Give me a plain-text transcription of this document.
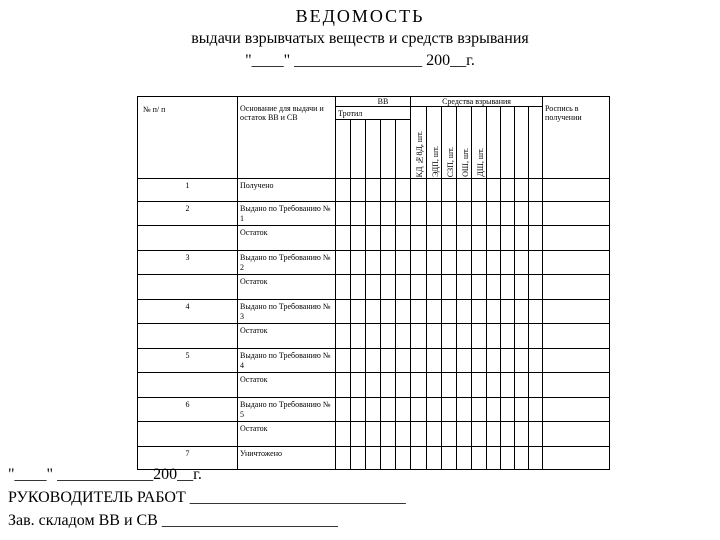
ВЕДОМОСТЬ
выдачи взрывчатых веществ и средств взрывания
"____" ________________ 200__г.
№ п/ п	Основание для выдачи и остаток ВВ и СВ	ВВ					Средства взрывания									Роспись в получении
		Тротил					КД №8Д, шт.	ЭДП, шт.	СЗП, шт.	ОШ, шт.	ДШ, шт.					

1	Получено															
2	Выдано по Требованию № 1															
	Остаток															
3	Выдано по Требованию № 2															
	Остаток															
4	Выдано по Требованию № 3															
	Остаток															
5	Выдано по Требованию № 4															
	Остаток															
6	Выдано по Требованию № 5															
	Остаток															
7	Уничтожено															
"____" ____________200__г.
РУКОВОДИТЕЛЬ РАБОТ ___________________________
Зав. складом ВВ и СВ ______________________
